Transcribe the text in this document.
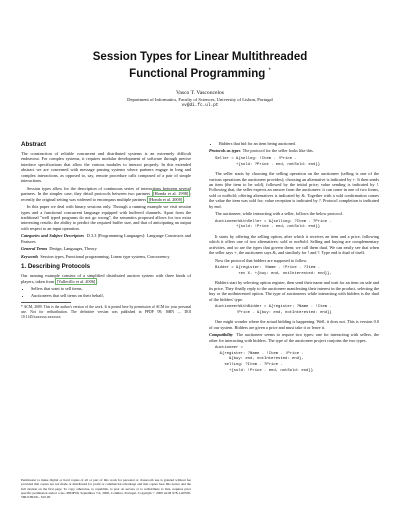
Session Types for Linear Multithreaded
Functional Programming *
Vasco T. Vasconcelos
Department of Informatics, Faculty of Sciences, University of Lisbon, Portugal
vv@di.fc.ul.pt
Abstract

The construction of reliable concurrent and distributed systems is an extremely difficult endeavour. For complex systems, it requires modular development of software through precise interface specifications that allow the various modules to interact properly. In this extended abstract we are concerned with message passing systems where partners engage in long and complex interactions, as opposed to, say, remote procedure calls composed of a pair of simple interactions.

Session types allow for the description of continuous series of interactions between several partners. In the simpler case, they detail protocols between two partners [Honda et al. 1998] ; recently the original setting was widened to encompass multiple partners [Honda et al. 2008] .

In this paper we deal with binary sessions only. Through a running example we visit session types and a functional concurrent language equipped with buffered channels. Apart from the traditional "well typed programs do not go wrong", the semantics proposed allows for two extra interesting results: the ability to predict the required buffer size, and that of anticipating an output with respect to an input operation.

Categories and Subject Descriptors D.3.3 [Programming Languages]: Language Constructs and Features

General Terms Design, Languages, Theory

Keywords Session types, Functional programming, Linear type systems, Concurrency

1. Describing Protocols

Our running example consists of a simplified distributed auction system with three kinds of players, taken from [Vallecillo et al. 2006] .

• Sellers that want to sell items,
• Auctioneers that sell items on their behalf,
* ACM, 2009. This is the author's version of the work. It is posted here by permission of ACM for your personal use. Not for redistribution. The definitive version was published in PPDP '09, ISBN ..., DOI 10.1145/xxxxxxx.xxxxxxx
Permission to make digital or hard copies of all or part of this work for personal or classroom use is granted without fee provided that copies are not made or distributed for profit or commercial advantage and that copies bear this notice and the full citation on the first page. To copy otherwise, to republish, to post on servers or to redistribute to lists, requires prior specific permission and/or a fee. PPDP'09, September 7-9, 2009, Coimbra, Portugal. Copyright © 2009 ACM 978-1-60558-568-0/09/09... $10.00
• Bidders that bid for an item being auctioned.

Protocols as types The protocol for the seller looks like this.

Seller = &{sellng: !Item . !Price .
+{sold: ?Price . end, notSold: end}}

The seller starts by choosing the selling operation on the auctioneer (selling is one of the various operations the auctioneer provides); choosing an alternative is indicated by +. It then sends an item (the item to be sold), followed by the initial price; value sending is indicated by !. Following that, the seller expects an answer from the auctioneer: it can come in one of two forms, sold or notSold; offering alternatives is indicated by &. Together with a sold confirmation comes the value the item was sold for; value reception is indicated by ?. Protocol completion is indicated by end.

The auctioneer, while interacting with a seller, follows the below protocol.

AuctioneerWithSeller = &{selling: ?Item . ?Price .
+{sold: !Price . end, notSold: end}}

It starts by offering the selling option, after which it receives an item and a price, following which it offers one of two alternatives: sold or notSold. Selling and buying are complementary activities, and so are the types that govern them; we call them dual. We can easily see that when the seller says +, the auctioneer says &, and similarly for ! and ?. Type end is dual of itself.

Now the protocol that bidders are supposed to follow.

Bidder = &{register: !Name . !Price . ?Item .
rec X. +{buy: end, notInterested: end}},

Bidders start by selecting option register, then send their name and wait for an item on sale and its price. They finally reply to the auctioneer manifesting their interest in the product, selecting the buy or the notInterested option. The type of auctioneers while interacting with bidders is the dual of the bidders' type.

AuctioneerWithBidder = &{register: ?Name . !Item .
!Price . &{buy: end, notInterested: end}}

One might wonder where the actual bidding is happening. Well, it does not. This is version 0.0 of our system. Bidders are given a price and must take it or leave it.

Compatibility The auctioneer seems to require two types: one for interacting with sellers, the other for interacting with bidders. The type of the auctioneer project conjoins the two types.

Auctioneer =
&{register: ?Name . !Item . !Price .
&{buy: end, notInterested: end},
selling: ?Item . ?Price .
+{sold: !Price . end, notSold: end}}
